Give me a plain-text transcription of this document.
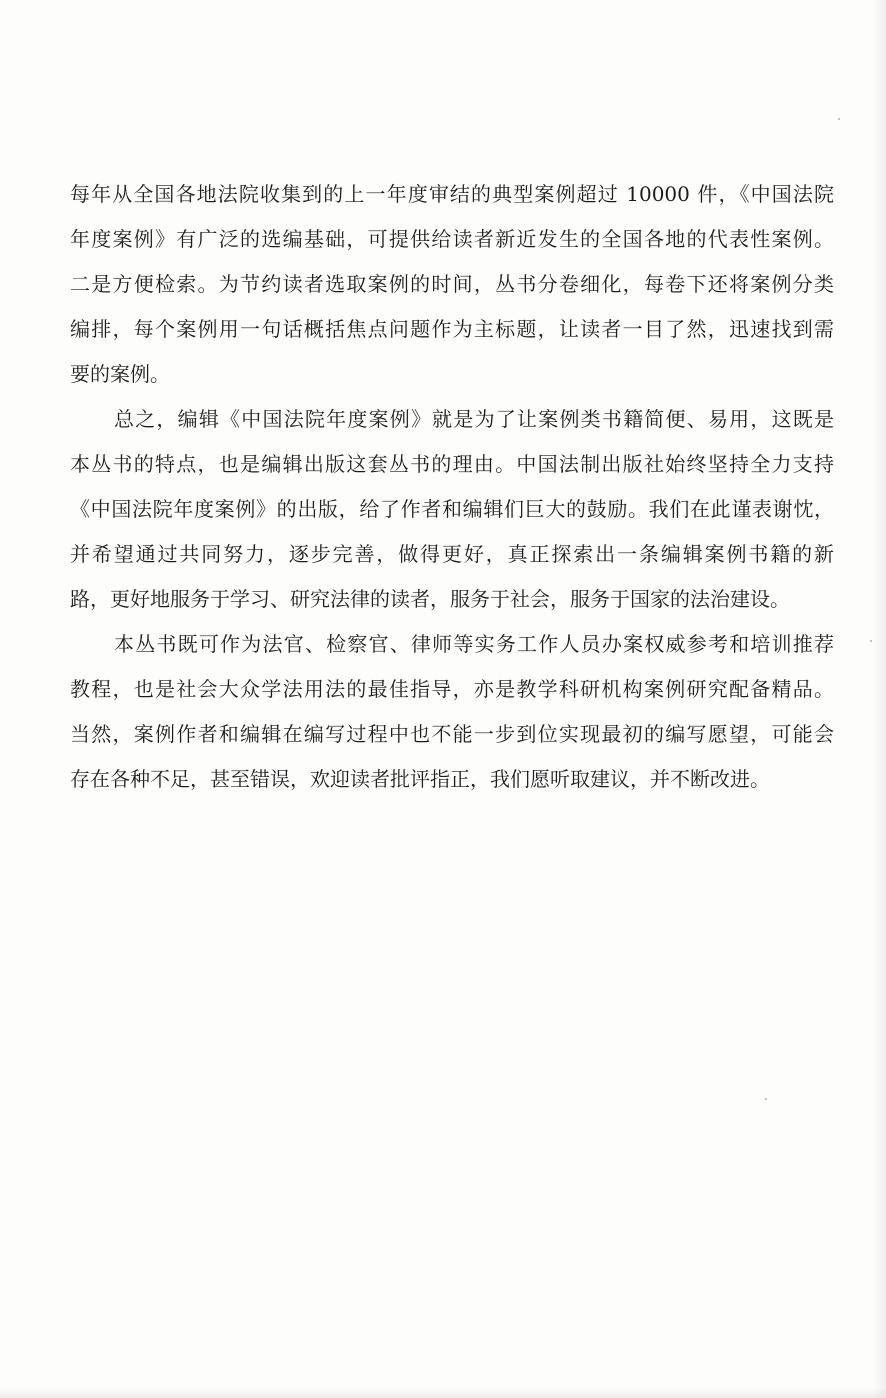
每年从全国各地法院收集到的上一年度审结的典型案例超过 10000 件，《中国法院
年度案例》有广泛的选编基础，可提供给读者新近发生的全国各地的代表性案例。
二是方便检索。为节约读者选取案例的时间，丛书分卷细化，每卷下还将案例分类
编排，每个案例用一句话概括焦点问题作为主标题，让读者一目了然，迅速找到需
要的案例。
总之，编辑《中国法院年度案例》就是为了让案例类书籍简便、易用，这既是
本丛书的特点，也是编辑出版这套丛书的理由。中国法制出版社始终坚持全力支持
《中国法院年度案例》的出版，给了作者和编辑们巨大的鼓励。我们在此谨表谢忱，
并希望通过共同努力，逐步完善，做得更好，真正探索出一条编辑案例书籍的新
路，更好地服务于学习、研究法律的读者，服务于社会，服务于国家的法治建设。
本丛书既可作为法官、检察官、律师等实务工作人员办案权威参考和培训推荐
教程，也是社会大众学法用法的最佳指导，亦是教学科研机构案例研究配备精品。
当然，案例作者和编辑在编写过程中也不能一步到位实现最初的编写愿望，可能会
存在各种不足，甚至错误，欢迎读者批评指正，我们愿听取建议，并不断改进。
